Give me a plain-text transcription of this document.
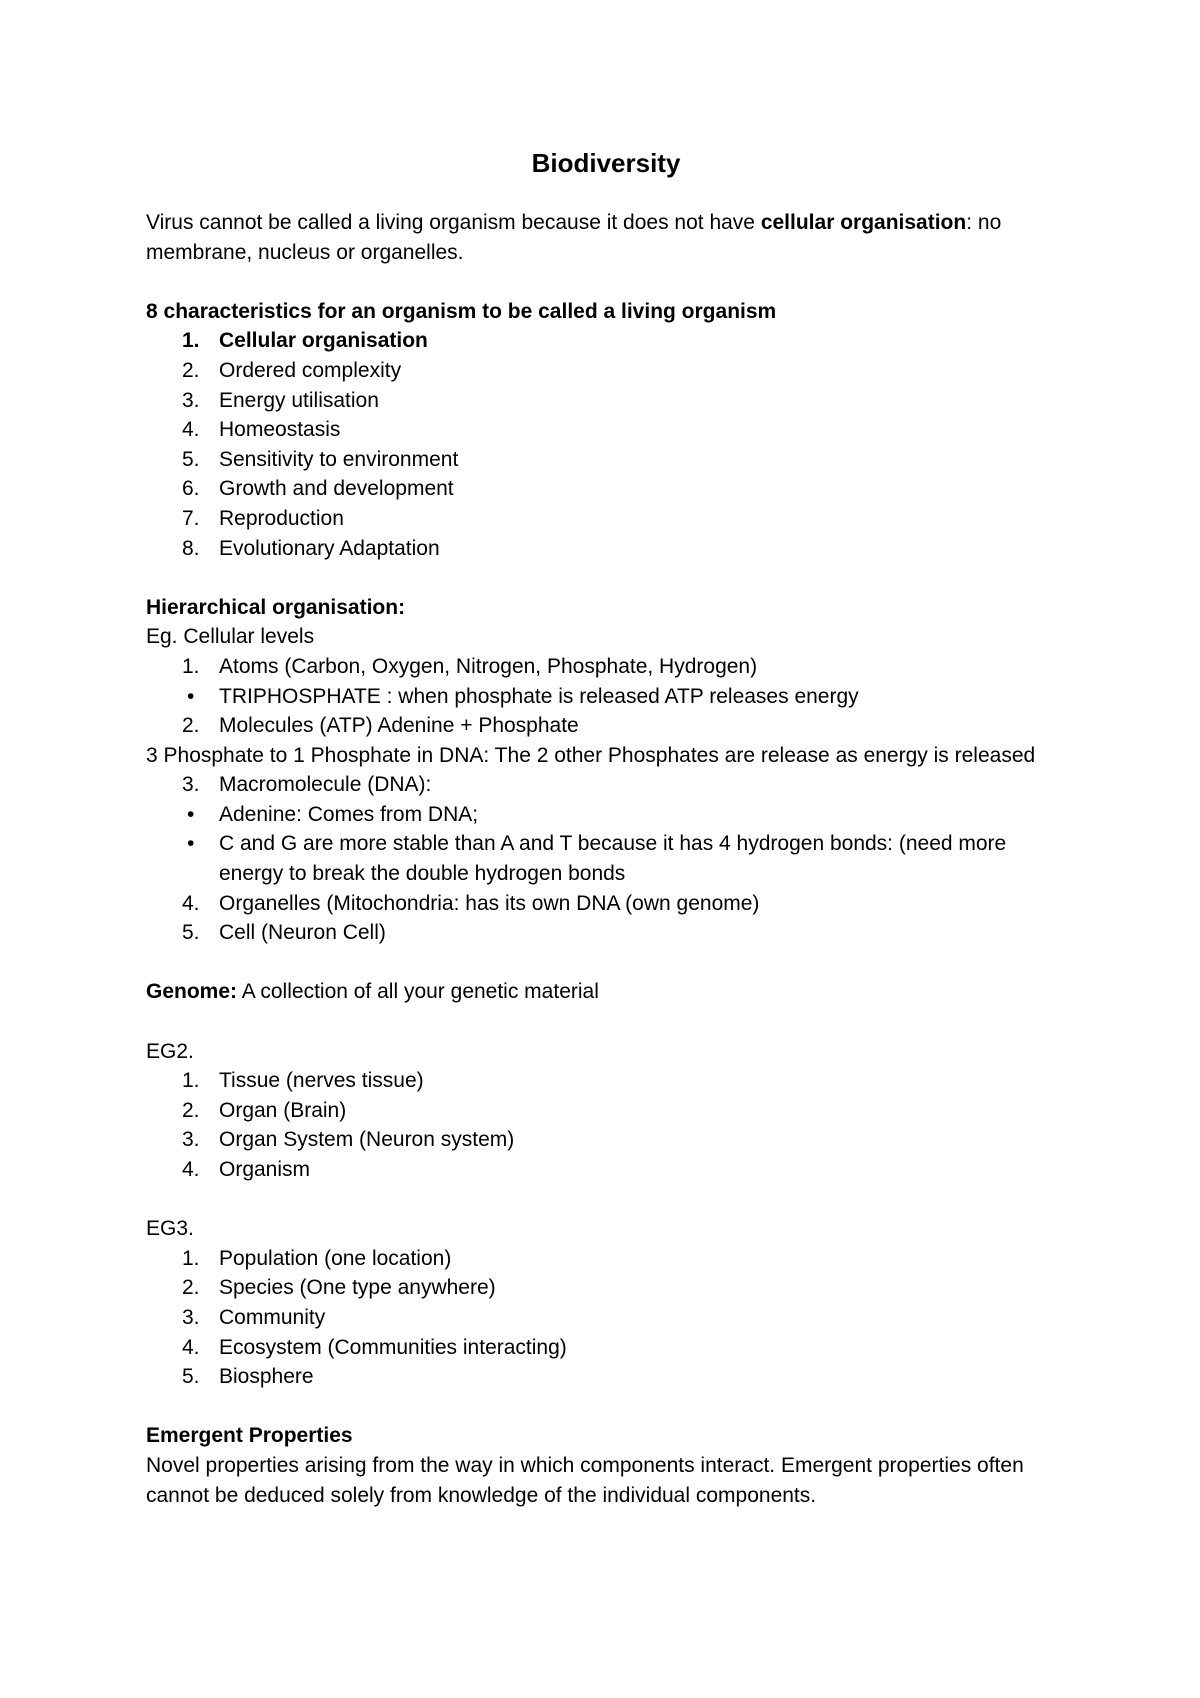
Biodiversity

Virus cannot be called a living organism because it does not have cellular organisation: no membrane, nucleus or organelles.

8 characteristics for an organism to be called a living organism

1. Cellular organisation
2. Ordered complexity
3. Energy utilisation
4. Homeostasis
5. Sensitivity to environment
6. Growth and development
7. Reproduction
8. Evolutionary Adaptation

Hierarchical organisation:

Eg. Cellular levels

1. Atoms (Carbon, Oxygen, Nitrogen, Phosphate, Hydrogen)
•	TRIPHOSPHATE : when phosphate is released ATP releases energy
2. Molecules (ATP) Adenine + Phosphate

3 Phosphate to 1 Phosphate in DNA: The 2 other Phosphates are release as energy is released

3. Macromolecule (DNA):
•	Adenine: Comes from DNA;
•	C and G are more stable than A and T because it has 4 hydrogen bonds: (need more energy to break the double hydrogen bonds
4. Organelles (Mitochondria: has its own DNA (own genome)
5. Cell (Neuron Cell)

Genome: A collection of all your genetic material

EG2.

1. Tissue (nerves tissue)
2. Organ (Brain)
3. Organ System (Neuron system)
4. Organism

EG3.

1. Population (one location)
2. Species (One type anywhere)
3. Community
4. Ecosystem (Communities interacting)
5. Biosphere

Emergent Properties

Novel properties arising from the way in which components interact. Emergent properties often cannot be deduced solely from knowledge of the individual components.
